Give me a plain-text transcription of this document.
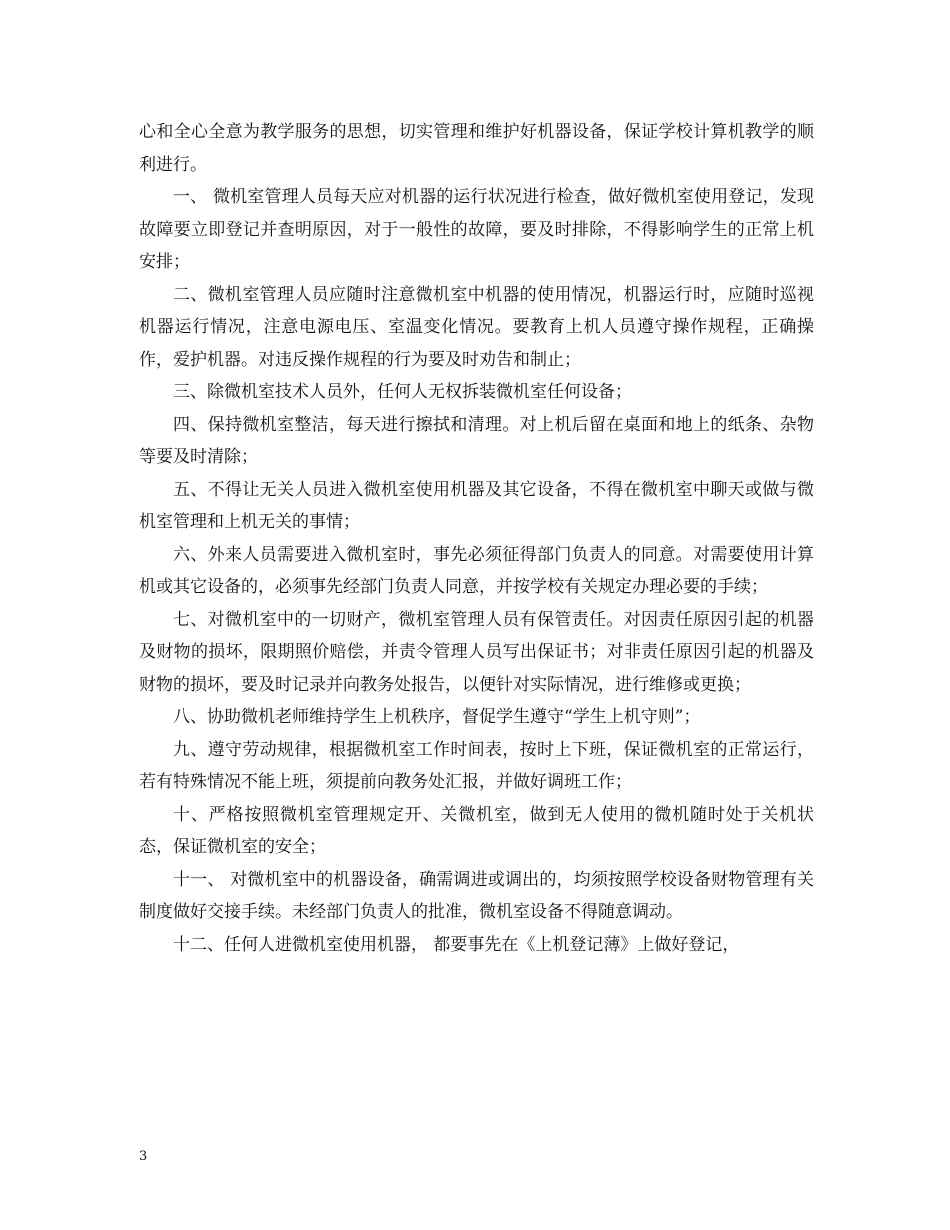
心和全心全意为教学服务的思想，切实管理和维护好机器设备，保证学校计算机教学的顺利进行。

一、 微机室管理人员每天应对机器的运行状况进行检查，做好微机室使用登记，发现故障要立即登记并查明原因，对于一般性的故障，要及时排除，不得影响学生的正常上机安排；

二、微机室管理人员应随时注意微机室中机器的使用情况，机器运行时，应随时巡视机器运行情况，注意电源电压、室温变化情况。要教育上机人员遵守操作规程，正确操作，爱护机器。对违反操作规程的行为要及时劝告和制止；

三、除微机室技术人员外，任何人无权拆装微机室任何设备；

四、保持微机室整洁，每天进行擦拭和清理。对上机后留在桌面和地上的纸条、杂物等要及时清除；

五、不得让无关人员进入微机室使用机器及其它设备，不得在微机室中聊天或做与微机室管理和上机无关的事情；

六、外来人员需要进入微机室时，事先必须征得部门负责人的同意。对需要使用计算机或其它设备的，必须事先经部门负责人同意，并按学校有关规定办理必要的手续；

七、对微机室中的一切财产，微机室管理人员有保管责任。对因责任原因引起的机器及财物的损坏，限期照价赔偿，并责令管理人员写出保证书；对非责任原因引起的机器及财物的损坏，要及时记录并向教务处报告，以便针对实际情况，进行维修或更换；

八、协助微机老师维持学生上机秩序，督促学生遵守“学生上机守则”；

九、遵守劳动规律，根据微机室工作时间表，按时上下班，保证微机室的正常运行，若有特殊情况不能上班，须提前向教务处汇报，并做好调班工作；

十、严格按照微机室管理规定开、关微机室，做到无人使用的微机随时处于关机状态，保证微机室的安全；

十一、 对微机室中的机器设备，确需调进或调出的，均须按照学校设备财物管理有关制度做好交接手续。未经部门负责人的批准，微机室设备不得随意调动。

十二、任何人进微机室使用机器， 都要事先在《上机登记薄》上做好登记，

3
